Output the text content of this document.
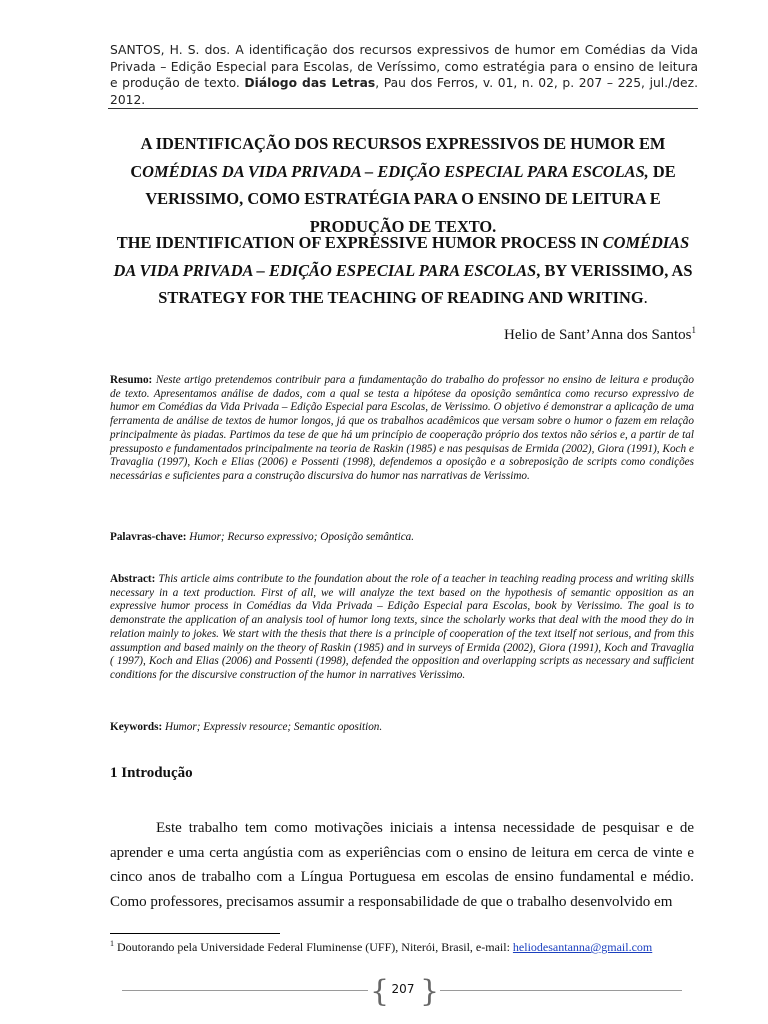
SANTOS, H. S. dos. A identificação dos recursos expressivos de humor em Comédias da Vida Privada – Edição Especial para Escolas, de Veríssimo, como estratégia para o ensino de leitura e produção de texto. Diálogo das Letras, Pau dos Ferros, v. 01, n. 02, p. 207 – 225, jul./dez. 2012.
A IDENTIFICAÇÃO DOS RECURSOS EXPRESSIVOS DE HUMOR EM COMÉDIAS DA VIDA PRIVADA – EDIÇÃO ESPECIAL PARA ESCOLAS, DE VERISSIMO, COMO ESTRATÉGIA PARA O ENSINO DE LEITURA E PRODUÇÃO DE TEXTO.
THE IDENTIFICATION OF EXPRESSIVE HUMOR PROCESS IN COMÉDIAS DA VIDA PRIVADA – EDIÇÃO ESPECIAL PARA ESCOLAS, BY VERISSIMO, AS STRATEGY FOR THE TEACHING OF READING AND WRITING.
Helio de Sant’Anna dos Santos$^1$
Resumo: Neste artigo pretendemos contribuir para a fundamentação do trabalho do professor no ensino de leitura e produção de texto. Apresentamos análise de dados, com a qual se testa a hipótese da oposição semântica como recurso expressivo de humor em Comédias da Vida Privada – Edição Especial para Escolas, de Verissimo. O objetivo é demonstrar a aplicação de uma ferramenta de análise de textos de humor longos, já que os trabalhos acadêmicos que versam sobre o humor o fazem em relação principalmente às piadas. Partimos da tese de que há um princípio de cooperação próprio dos textos não sérios e, a partir de tal pressuposto e fundamentados principalmente na teoria de Raskin (1985) e nas pesquisas de Ermida (2002), Giora (1991), Koch e Travaglia (1997), Koch e Elias (2006) e Possenti (1998), defendemos a oposição e a sobreposição de scripts como condições necessárias e suficientes para a construção discursiva do humor nas narrativas de Verissimo.
Palavras-chave: Humor; Recurso expressivo; Oposição semântica.
Abstract: This article aims contribute to the foundation about the role of a teacher in teaching reading process and writing skills necessary in a text production. First of all, we will analyze the text based on the hypothesis of semantic opposition as an expressive humor process in Comédias da Vida Privada – Edição Especial para Escolas, book by Verissimo. The goal is to demonstrate the application of an analysis tool of humor long texts, since the scholarly works that deal with the mood they do in relation mainly to jokes. We start with the thesis that there is a principle of cooperation of the text itself not serious, and from this assumption and based mainly on the theory of Raskin (1985) and in surveys of Ermida (2002), Giora (1991), Koch and Travaglia ( 1997), Koch and Elias (2006) and Possenti (1998), defended the opposition and overlapping scripts as necessary and sufficient conditions for the discursive construction of the humor in narratives Verissimo.
Keywords: Humor; Expressiv resource; Semantic oposition.
1 Introdução
Este trabalho tem como motivações iniciais a intensa necessidade de pesquisar e de aprender e uma certa angústia com as experiências com o ensino de leitura em cerca de vinte e cinco anos de trabalho com a Língua Portuguesa em escolas de ensino fundamental e médio. Como professores, precisamos assumir a responsabilidade de que o trabalho desenvolvido em
$^1$ Doutorando pela Universidade Federal Fluminense (UFF), Niterói, Brasil, e-mail: heliodesantanna@gmail.com
{ 207 }
